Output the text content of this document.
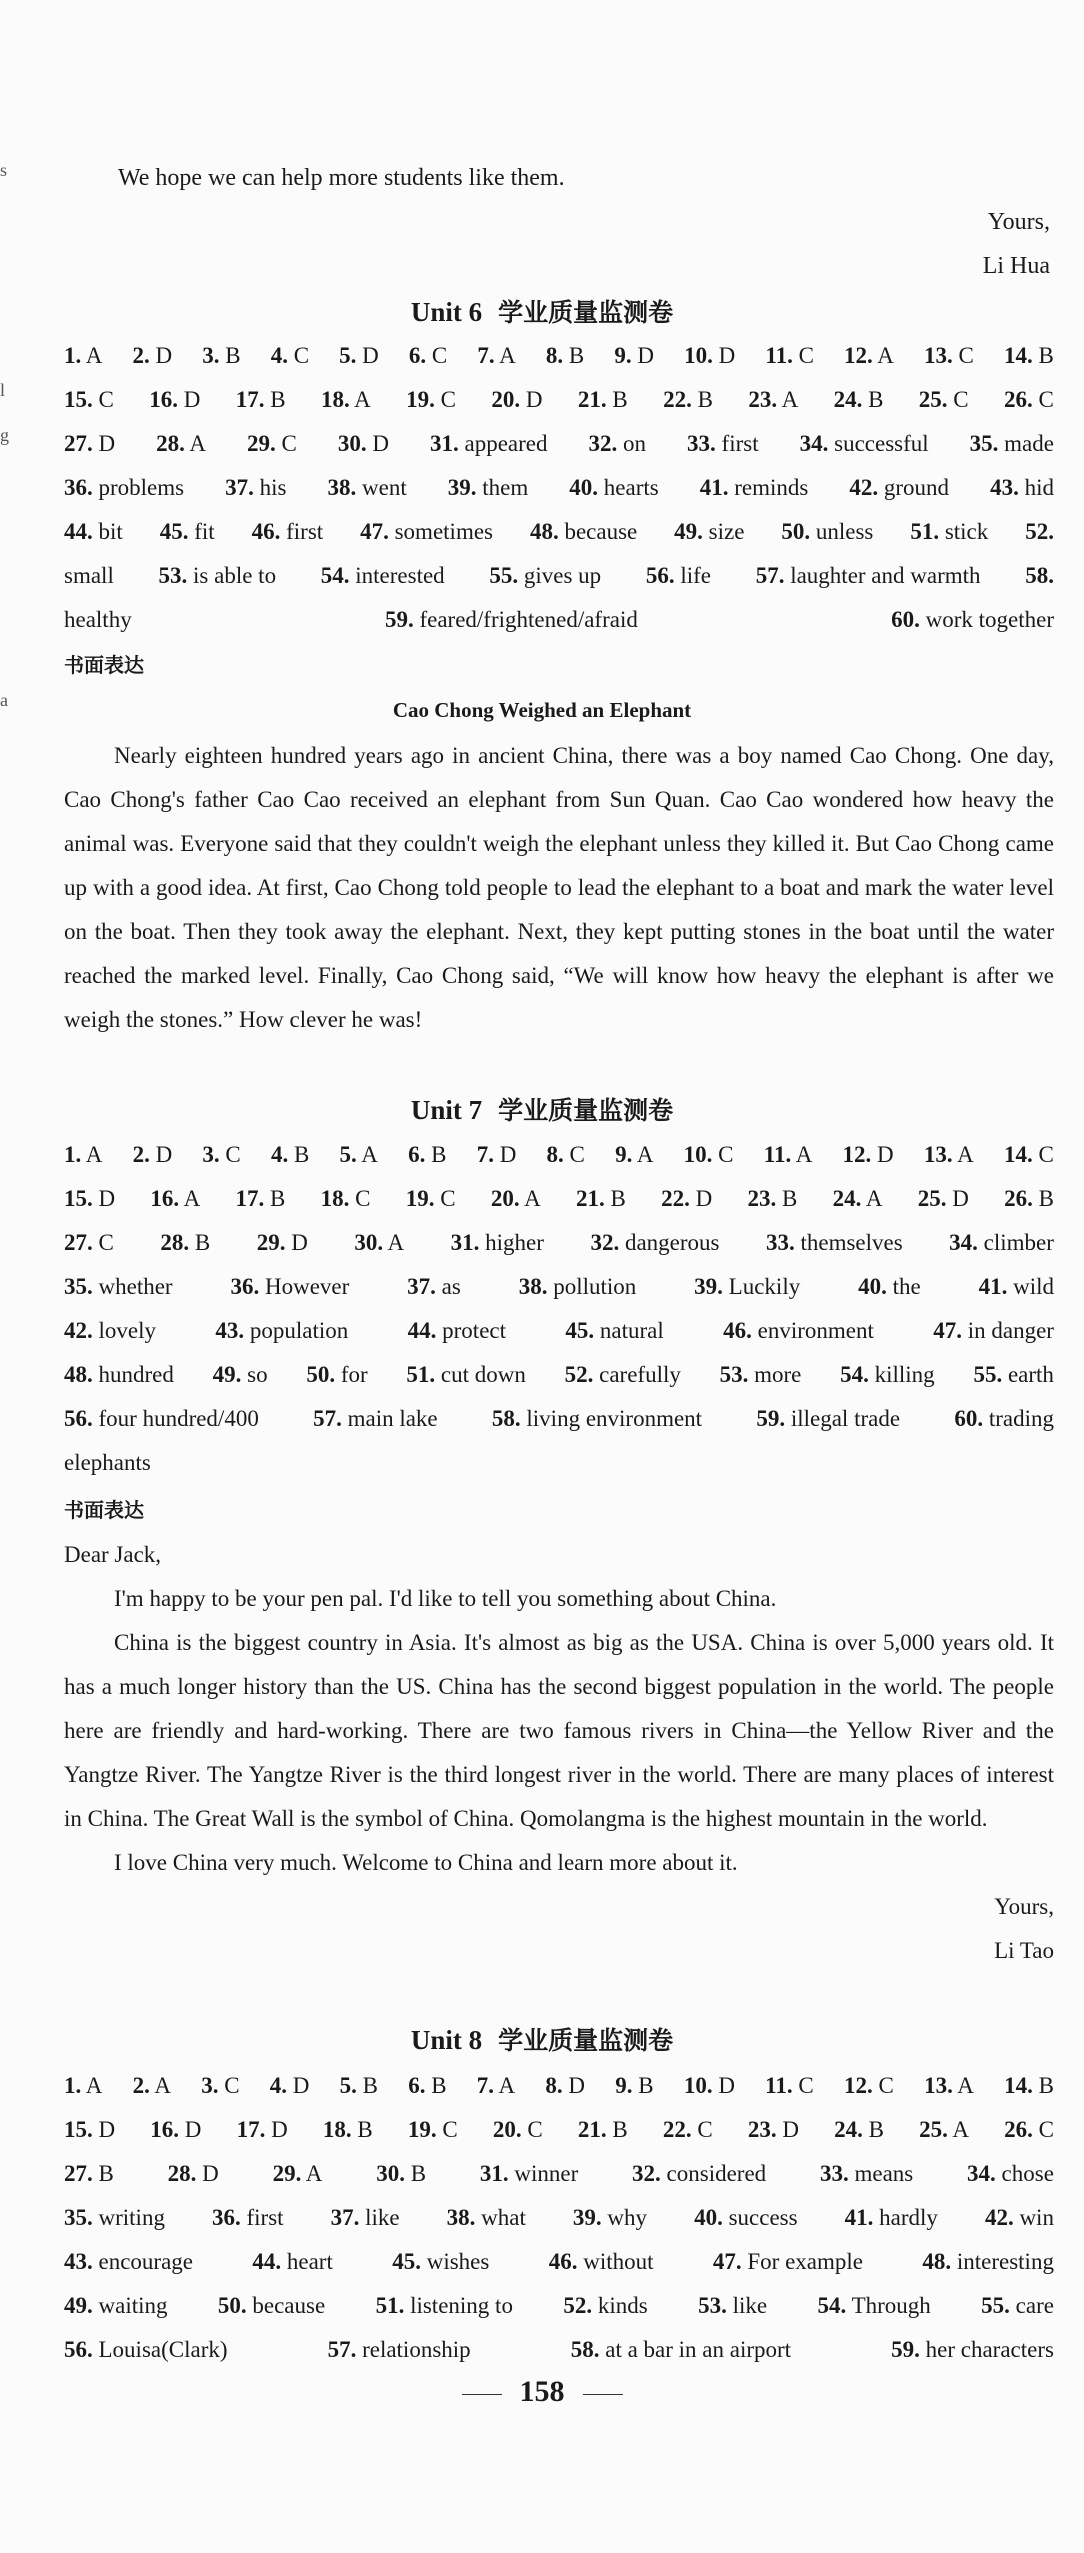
s
l
g
a
We hope we can help more students like them.
Yours,
Li Hua
Unit 6 学业质量监测卷
1. A 2. D 3. B 4. C 5. D 6. C 7. A 8. B 9. D 10. D 11. C 12. A 13. C 14. B
15. C 16. D 17. B 18. A 19. C 20. D 21. B 22. B 23. A 24. B 25. C 26. C
27. D 28. A 29. C 30. D 31. appeared 32. on 33. first 34. successful 35. made
36. problems 37. his 38. went 39. them 40. hearts 41. reminds 42. ground 43. hid
44. bit 45. fit 46. first 47. sometimes 48. because 49. size 50. unless 51. stick 52.
small 53. is able to 54. interested 55. gives up 56. life 57. laughter and warmth 58.
healthy	59. feared/frightened/afraid	60. work together
书面表达
Cao Chong Weighed an Elephant

Nearly eighteen hundred years ago in ancient China, there was a boy named Cao Chong. One day, Cao Chong's father Cao Cao received an elephant from Sun Quan. Cao Cao wondered how heavy the animal was. Everyone said that they couldn't weigh the elephant unless they killed it. But Cao Chong came up with a good idea. At first, Cao Chong told people to lead the elephant to a boat and mark the water level on the boat. Then they took away the elephant. Next, they kept putting stones in the boat until the water reached the marked level. Finally, Cao Chong said, “We will know how heavy the elephant is after we weigh the stones.” How clever he was!

Unit 7 学业质量监测卷
1. A 2. D 3. C 4. B 5. A 6. B 7. D 8. C 9. A 10. C 11. A 12. D 13. A 14. C
15. D 16. A 17. B 18. C 19. C 20. A 21. B 22. D 23. B 24. A 25. D 26. B
27. C 28. B 29. D 30. A 31. higher 32. dangerous 33. themselves 34. climber
35. whether	36. However	37. as	38. pollution	39. Luckily	40. the	41. wild
42. lovely	43. population	44. protect	45. natural	46. environment	47. in danger
48. hundred 49. so 50. for 51. cut down 52. carefully 53. more 54. killing 55. earth
56. four hundred/400 57. main lake 58. living environment 59. illegal trade 60. trading
elephants
书面表达
Dear Jack,

I'm happy to be your pen pal. I'd like to tell you something about China.

China is the biggest country in Asia. It's almost as big as the USA. China is over 5,000 years old. It has a much longer history than the US. China has the second biggest population in the world. The people here are friendly and hard-working. There are two famous rivers in China—the Yellow River and the Yangtze River. The Yangtze River is the third longest river in the world. There are many places of interest in China. The Great Wall is the symbol of China. Qomolangma is the highest mountain in the world.

I love China very much. Welcome to China and learn more about it.

Yours,
Li Tao
Unit 8 学业质量监测卷
1. A 2. A 3. C 4. D 5. B 6. B 7. A 8. D 9. B 10. D 11. C 12. C 13. A 14. B
15. D 16. D 17. D 18. B 19. C 20. C 21. B 22. C 23. D 24. B 25. A 26. C
27. B 28. D 29. A 30. B 31. winner 32. considered 33. means 34. chose
35. writing 36. first 37. like 38. what 39. why 40. success 41. hardly 42. win
43. encourage	44. heart	45. wishes	46. without	47. For example	48. interesting
49. waiting 50. because 51. listening to 52. kinds 53. like 54. Through 55. care
56. Louisa(Clark)	57. relationship	58. at a bar in an airport	59. her characters
158
